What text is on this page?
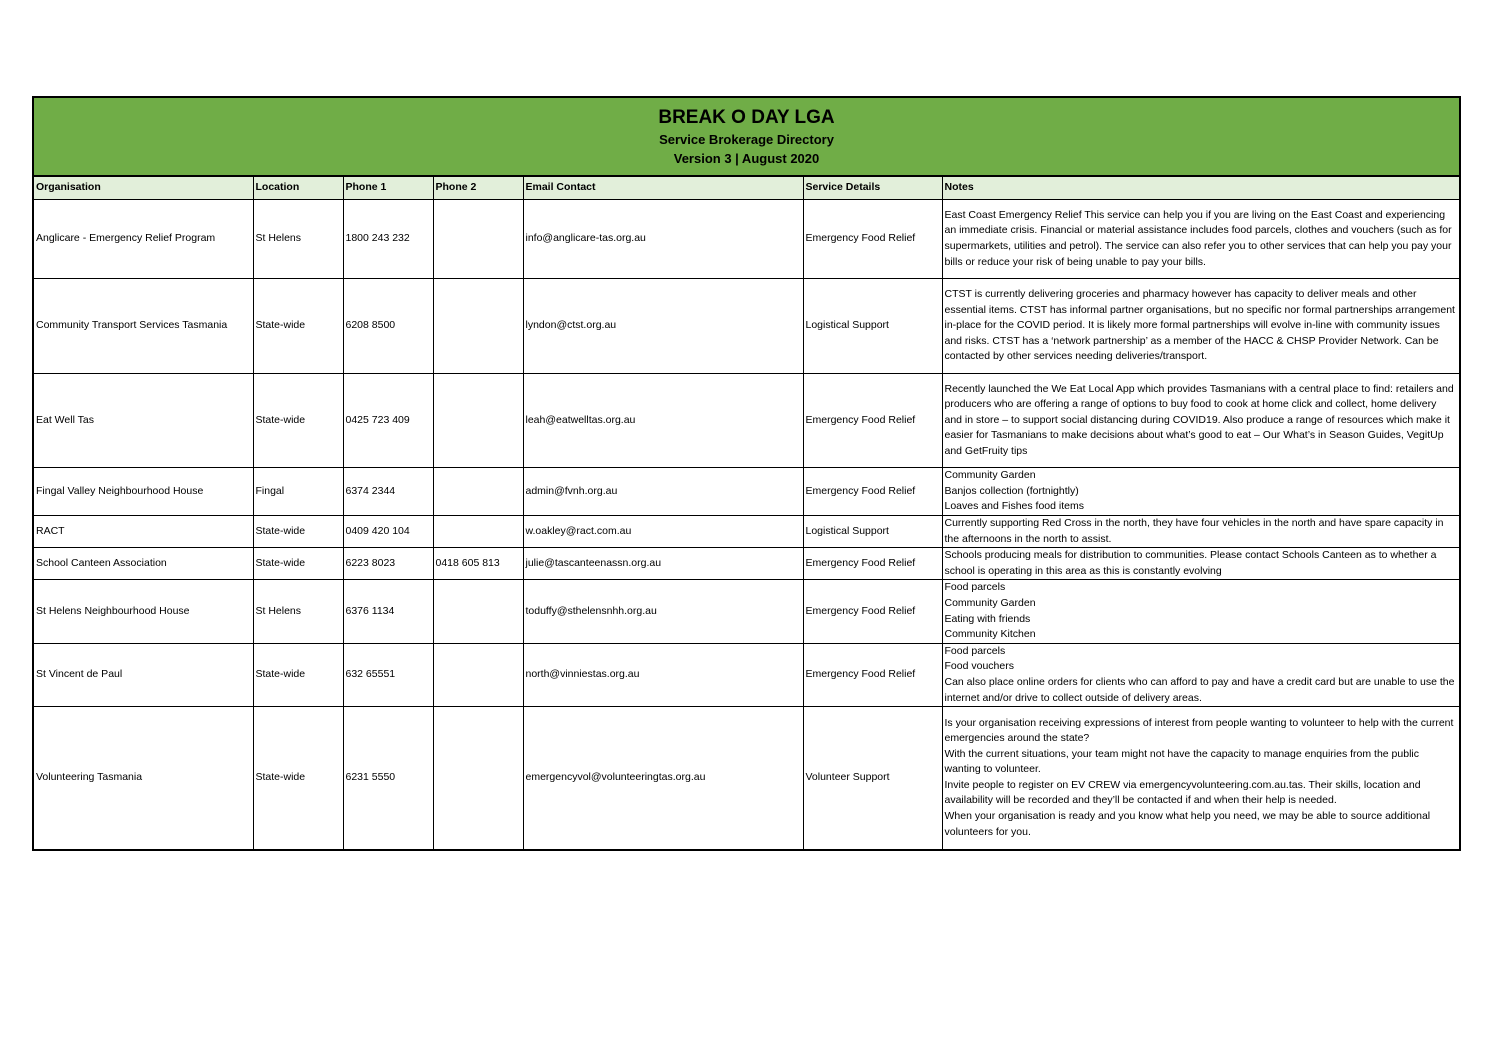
BREAK O DAY LGA
Service Brokerage Directory
Version 3 | August 2020
Organisation	Location	Phone 1	Phone 2	Email Contact	Service Details	Notes
Anglicare - Emergency Relief Program	St Helens	1800 243 232		info@anglicare-tas.org.au	Emergency Food Relief	East Coast Emergency Relief This service can help you if you are living on the East Coast and experiencing an immediate crisis. Financial or material assistance includes food parcels, clothes and vouchers (such as for supermarkets, utilities and petrol). The service can also refer you to other services that can help you pay your bills or reduce your risk of being unable to pay your bills.
Community Transport Services Tasmania	State-wide	6208 8500		lyndon@ctst.org.au	Logistical Support	CTST is currently delivering groceries and pharmacy however has capacity to deliver meals and other essential items. CTST has informal partner organisations, but no specific nor formal partnerships arrangement in-place for the COVID period. It is likely more formal partnerships will evolve in-line with community issues and risks. CTST has a ‘network partnership’ as a member of the HACC & CHSP Provider Network. Can be contacted by other services needing deliveries/transport.
Eat Well Tas	State-wide	0425 723 409		leah@eatwelltas.org.au	Emergency Food Relief	Recently launched the We Eat Local App which provides Tasmanians with a central place to find: retailers and producers who are offering a range of options to buy food to cook at home click and collect, home delivery and in store – to support social distancing during COVID19. Also produce a range of resources which make it easier for Tasmanians to make decisions about what’s good to eat – Our What’s in Season Guides, VegitUp and GetFruity tips
Fingal Valley Neighbourhood House	Fingal	6374 2344		admin@fvnh.org.au	Emergency Food Relief	Community Garden
Banjos collection (fortnightly)
Loaves and Fishes food items
RACT	State-wide	0409 420 104		w.oakley@ract.com.au	Logistical Support	Currently supporting Red Cross in the north, they have four vehicles in the north and have spare capacity in the afternoons in the north to assist.
School Canteen Association	State-wide	6223 8023	0418 605 813	julie@tascanteenassn.org.au	Emergency Food Relief	Schools producing meals for distribution to communities. Please contact Schools Canteen as to whether a school is operating in this area as this is constantly evolving
St Helens Neighbourhood House	St Helens	6376 1134		toduffy@sthelensnhh.org.au	Emergency Food Relief	Food parcels
Community Garden
Eating with friends
Community Kitchen
St Vincent de Paul	State-wide	632 65551		north@vinniestas.org.au	Emergency Food Relief	Food parcels
Food vouchers
Can also place online orders for clients who can afford to pay and have a credit card but are unable to use the internet and/or drive to collect outside of delivery areas.
Volunteering Tasmania	State-wide	6231 5550		emergencyvol@volunteeringtas.org.au	Volunteer Support	Is your organisation receiving expressions of interest from people wanting to volunteer to help with the current emergencies around the state?
With the current situations, your team might not have the capacity to manage enquiries from the public wanting to volunteer.
Invite people to register on EV CREW via emergencyvolunteering.com.au.tas. Their skills, location and availability will be recorded and they’ll be contacted if and when their help is needed.
When your organisation is ready and you know what help you need, we may be able to source additional volunteers for you.
